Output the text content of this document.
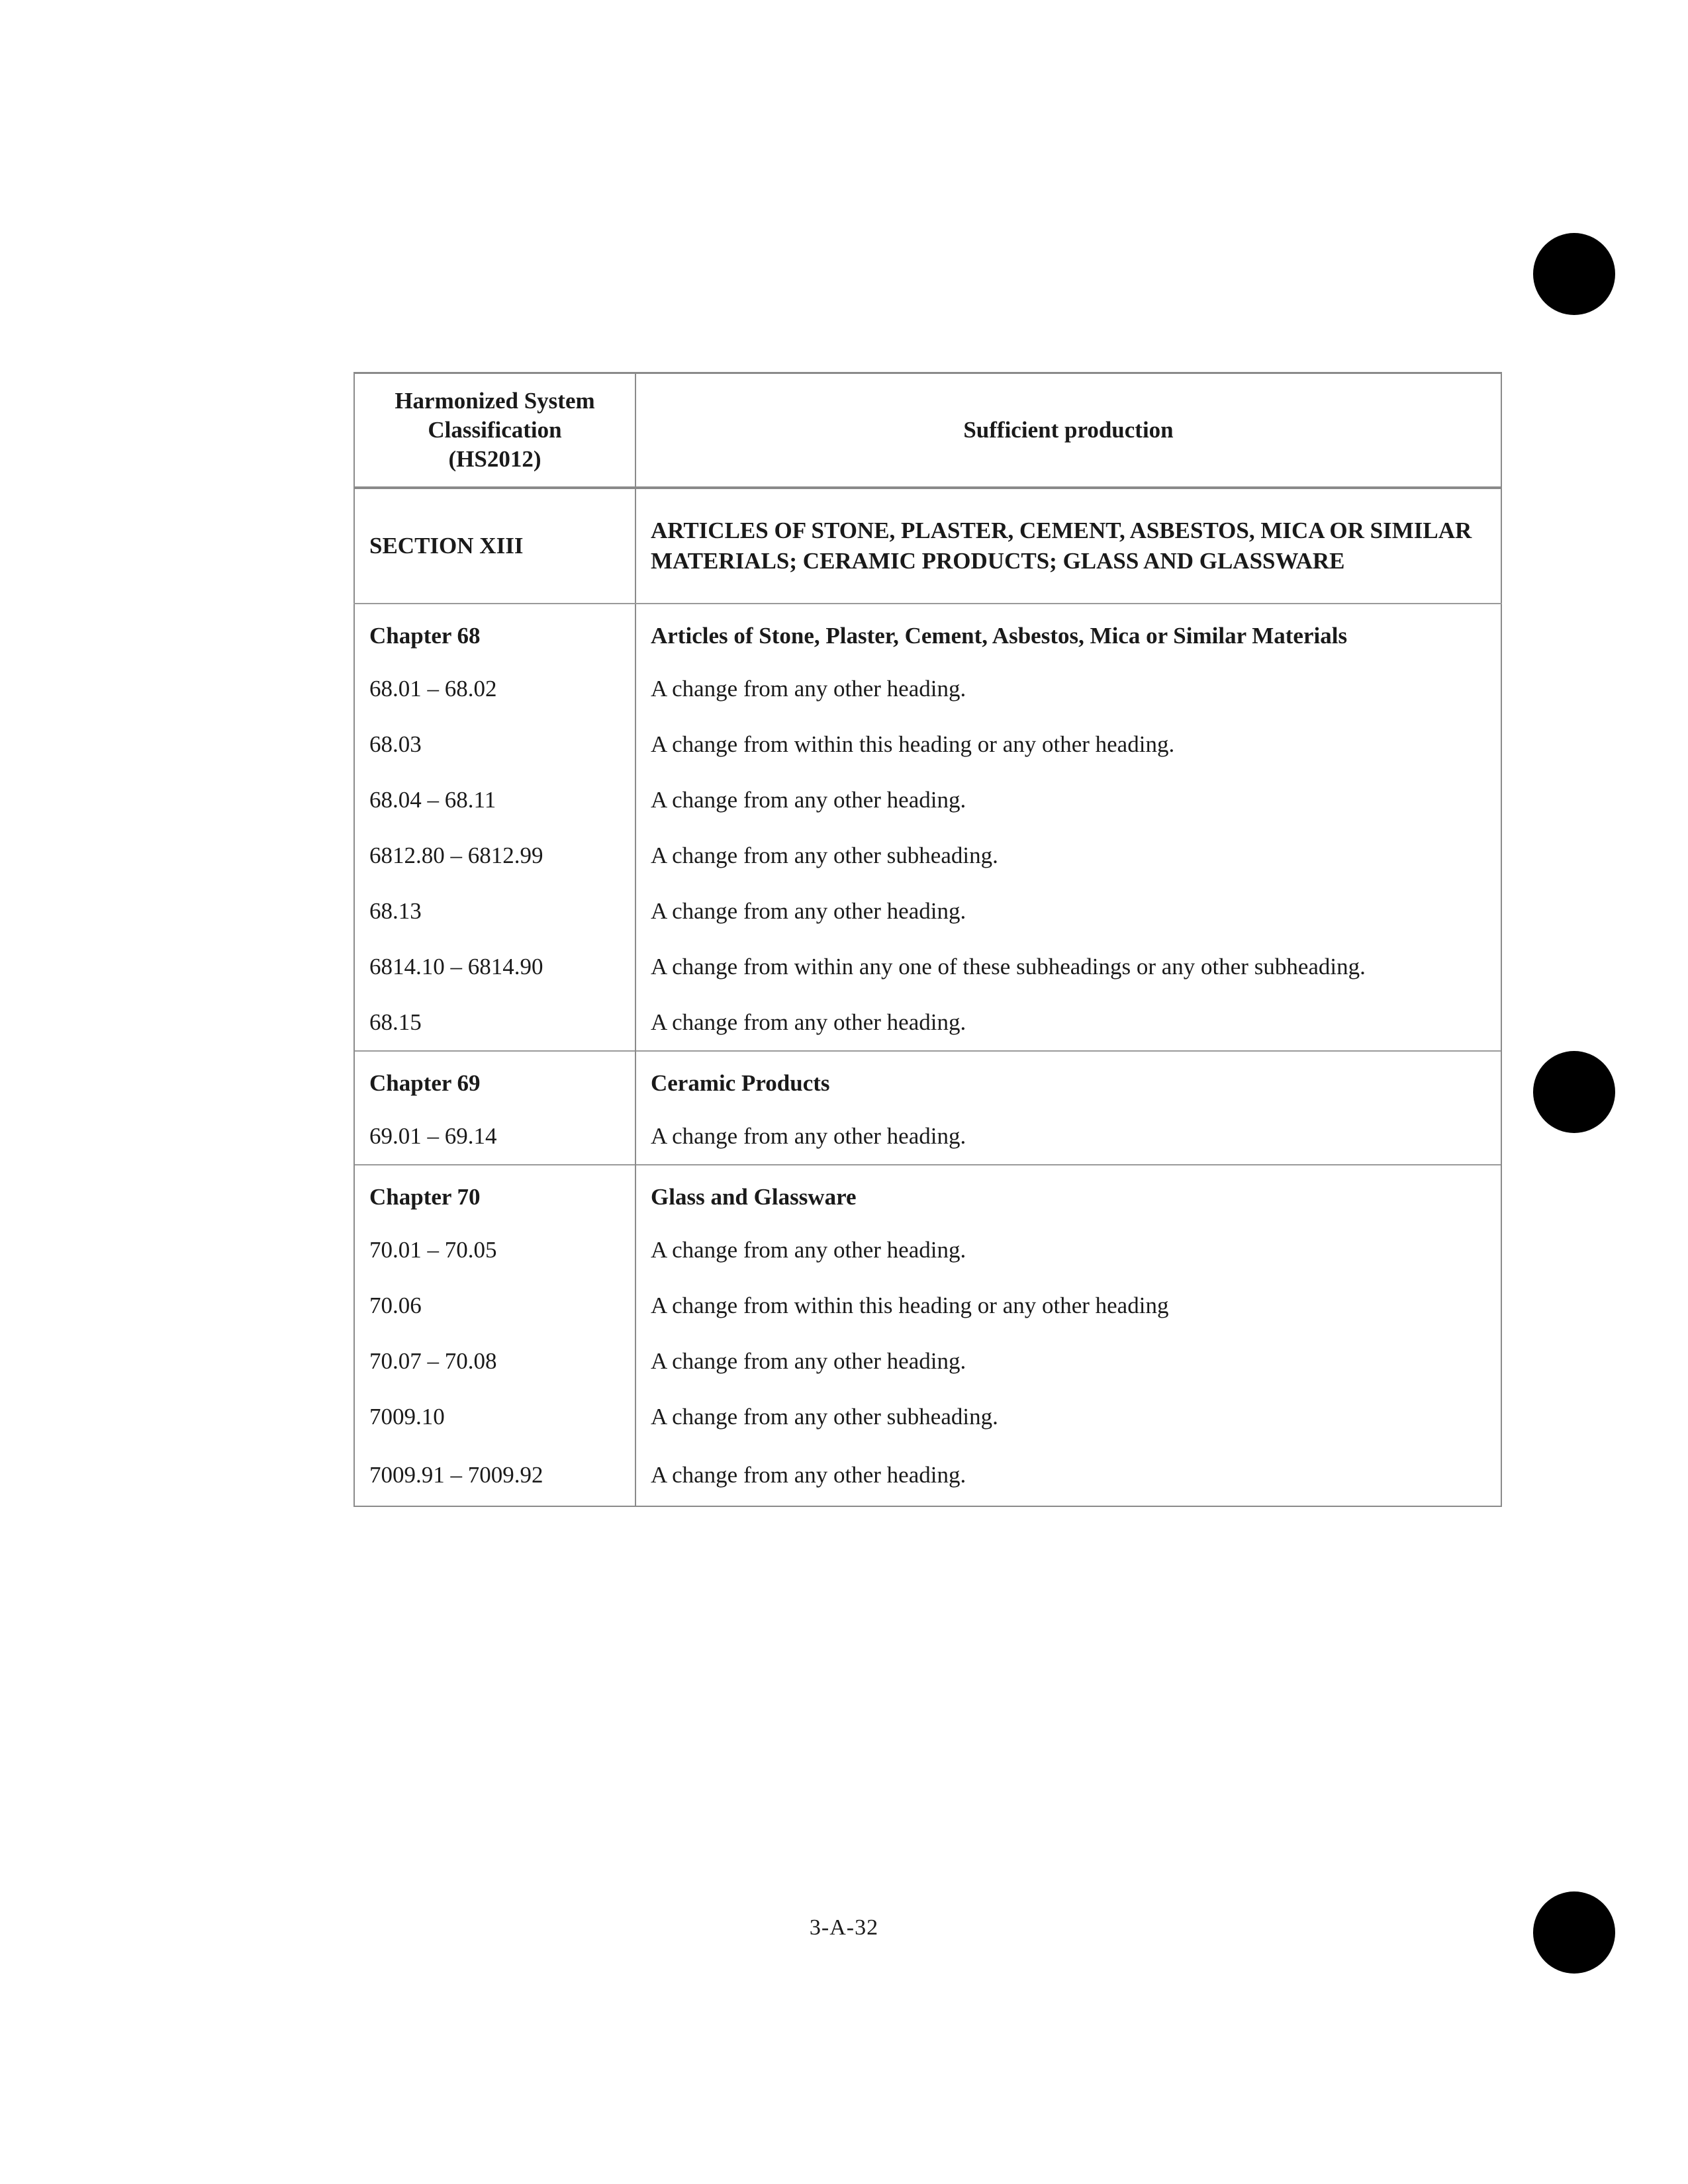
Harmonized System
Classification
(HS2012)	Sufficient production
SECTION XIII	ARTICLES OF STONE, PLASTER, CEMENT, ASBESTOS, MICA OR SIMILAR MATERIALS; CERAMIC PRODUCTS; GLASS AND GLASSWARE
Chapter 68	Articles of Stone, Plaster, Cement, Asbestos, Mica or Similar Materials
68.01 – 68.02	A change from any other heading.
68.03	A change from within this heading or any other heading.
68.04 – 68.11	A change from any other heading.
6812.80 – 6812.99	A change from any other subheading.
68.13	A change from any other heading.
6814.10 – 6814.90	A change from within any one of these subheadings or any other subheading.
68.15	A change from any other heading.
Chapter 69	Ceramic Products
69.01 – 69.14	A change from any other heading.
Chapter 70	Glass and Glassware
70.01 – 70.05	A change from any other heading.
70.06	A change from within this heading or any other heading
70.07 – 70.08	A change from any other heading.
7009.10	A change from any other subheading.
7009.91 – 7009.92	A change from any other heading.
3-A-32
